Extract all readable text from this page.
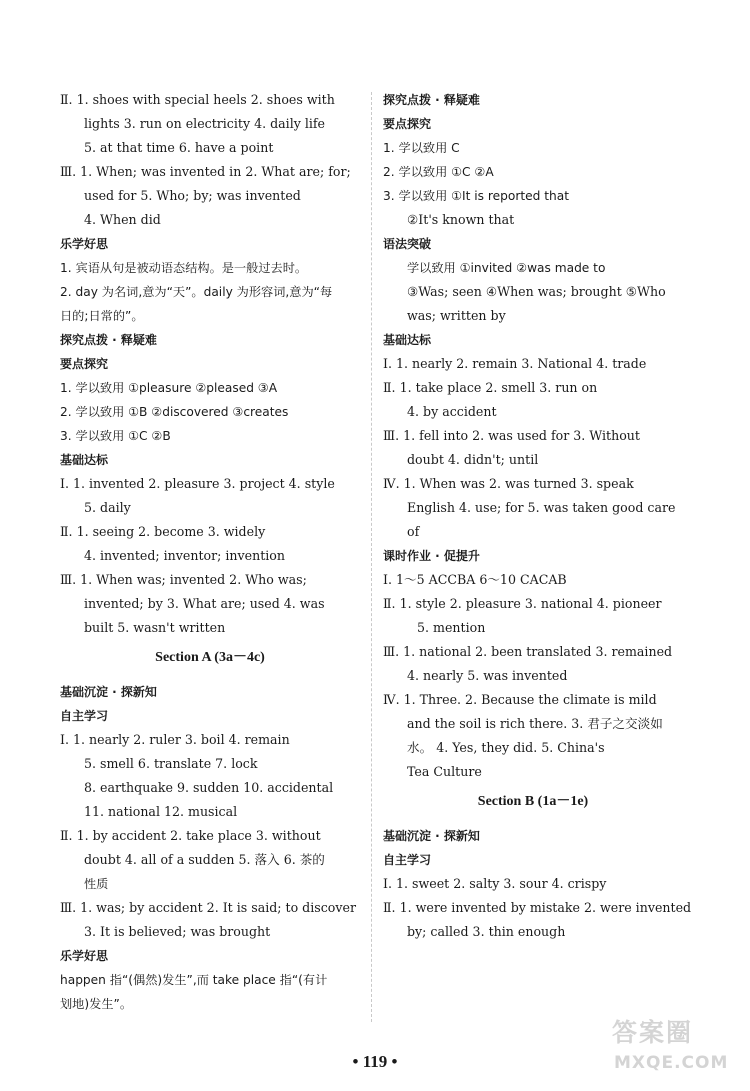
Ⅱ. 1. shoes with special heels 2. shoes with
lights 3. run on electricity 4. daily life
5. at that time 6. have a point
Ⅲ. 1. When; was invented in 2. What are; for;
used for 5. Who; by; was invented
4. When did
乐学好思
1. 宾语从句是被动语态结构。是一般过去时。
2. day 为名词,意为“天”。daily 为形容词,意为“每
日的;日常的”。
探究点拨 · 释疑难
要点探究
1. 学以致用 ①pleasure ②pleased ③A
2. 学以致用 ①B ②discovered ③creates
3. 学以致用 ①C ②B
基础达标
Ⅰ. 1. invented 2. pleasure 3. project 4. style
5. daily
Ⅱ. 1. seeing 2. become 3. widely
4. invented; inventor; invention
Ⅲ. 1. When was; invented 2. Who was;
invented; by 3. What are; used 4. was
built 5. wasn't written
Section A (3a－4c)
基础沉淀 · 探新知
自主学习
Ⅰ. 1. nearly 2. ruler 3. boil 4. remain
5. smell 6. translate 7. lock
8. earthquake 9. sudden 10. accidental
11. national 12. musical
Ⅱ. 1. by accident 2. take place 3. without
doubt 4. all of a sudden 5. 落入 6. 茶的
性质
Ⅲ. 1. was; by accident 2. It is said; to discover
3. It is believed; was brought
乐学好思
happen 指“(偶然)发生”,而 take place 指“(有计
划地)发生”。
探究点拨 · 释疑难
要点探究
1. 学以致用 C
2. 学以致用 ①C ②A
3. 学以致用 ①It is reported that
②It's known that
语法突破
学以致用 ①invited ②was made to
③Was; seen ④When was; brought ⑤Who
was; written by
基础达标
Ⅰ. 1. nearly 2. remain 3. National 4. trade
Ⅱ. 1. take place 2. smell 3. run on
4. by accident
Ⅲ. 1. fell into 2. was used for 3. Without
doubt 4. didn't; until
Ⅳ. 1. When was 2. was turned 3. speak
English 4. use; for 5. was taken good care
of
课时作业 · 促提升
Ⅰ. 1～5 ACCBA 6～10 CACAB
Ⅱ. 1. style 2. pleasure 3. national 4. pioneer
5. mention
Ⅲ. 1. national 2. been translated 3. remained
4. nearly 5. was invented
Ⅳ. 1. Three. 2. Because the climate is mild
and the soil is rich there. 3. 君子之交淡如
水。 4. Yes, they did. 5. China's
Tea Culture
Section B (1a－1e)
基础沉淀 · 探新知
自主学习
Ⅰ. 1. sweet 2. salty 3. sour 4. crispy
Ⅱ. 1. were invented by mistake 2. were invented
by; called 3. thin enough
• 119 •
答案圈
MXQE.COM
